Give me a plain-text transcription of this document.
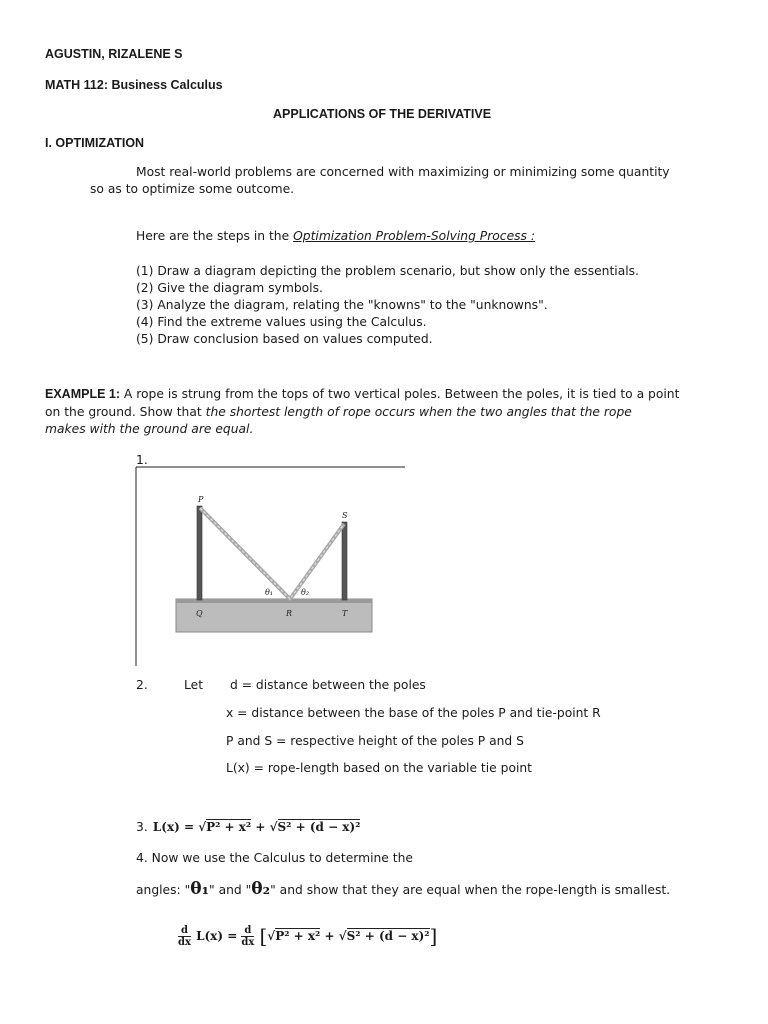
AGUSTIN, RIZALENE S
MATH 112: Business Calculus
APPLICATIONS OF THE DERIVATIVE
I. OPTIMIZATION
Most real-world problems are concerned with maximizing or minimizing some quantity
so as to optimize some outcome.
Here are the steps in the Optimization Problem-Solving Process :
(1) Draw a diagram depicting the problem scenario, but show only the essentials.
(2) Give the diagram symbols.
(3) Analyze the diagram, relating the "knowns" to the "unknowns".
(4) Find the extreme values using the Calculus.
(5) Draw conclusion based on values computed.
EXAMPLE 1: A rope is strung from the tops of two vertical poles. Between the poles, it is tied to a point
on the ground. Show that the shortest length of rope occurs when the two angles that the rope
makes with the ground are equal.
1.
P
S
Q	R	T
θ₁	θ₂
2.	Let d = distance between the poles
x = distance between the base of the poles P and tie-point R
P and S = respective height of the poles P and S
L(x) = rope-length based on the variable tie point
3. L(x) = √P² + x² + √S² + (d − x)²
4. Now we use the Calculus to determine the
angles: "θ₁" and "θ₂" and show that they are equal when the rope-length is smallest.
$\frac{d}{dx} L(x) = \frac{d}{dx} [√P^2 + x^2 + √S^2 + (d - x)^2]$
